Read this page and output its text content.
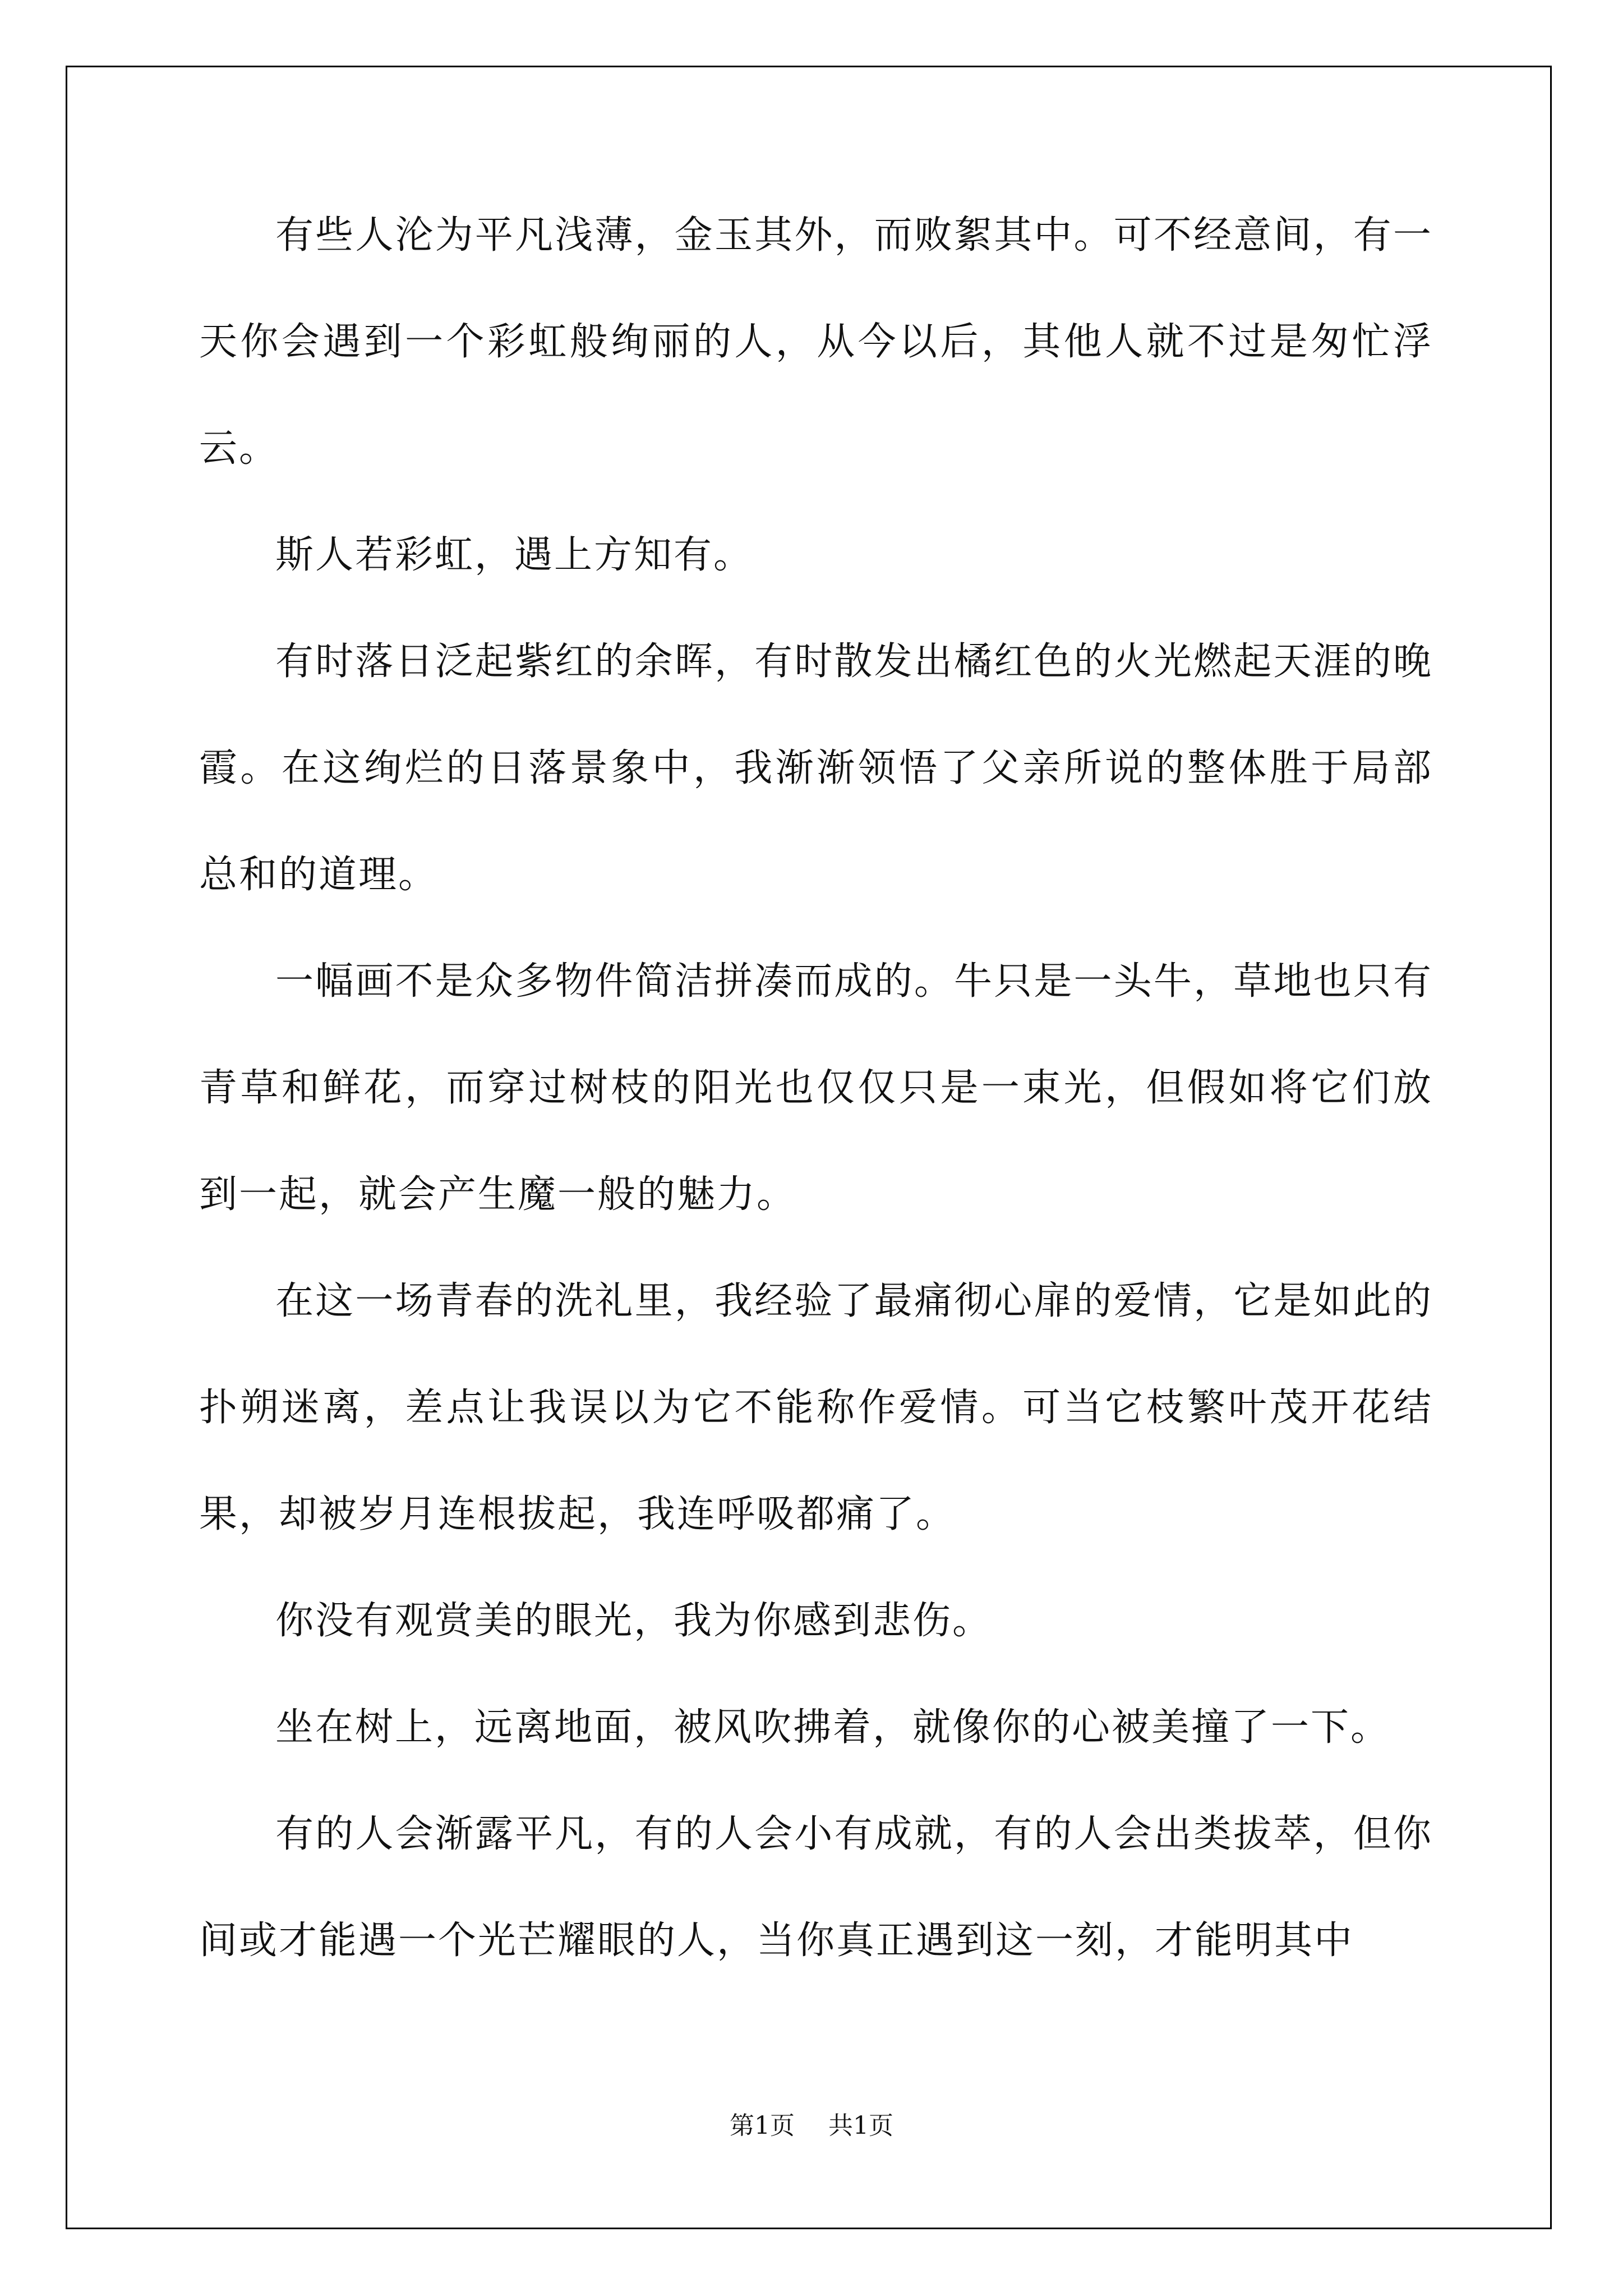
有些人沦为平凡浅薄，金玉其外，而败絮其中。可不经意间，有一天你会遇到一个彩虹般绚丽的人，从今以后，其他人就不过是匆忙浮云。

斯人若彩虹，遇上方知有。

有时落日泛起紫红的余晖，有时散发出橘红色的火光燃起天涯的晚霞。在这绚烂的日落景象中，我渐渐领悟了父亲所说的整体胜于局部总和的道理。

一幅画不是众多物件简洁拼凑而成的。牛只是一头牛，草地也只有青草和鲜花，而穿过树枝的阳光也仅仅只是一束光，但假如将它们放到一起，就会产生魔一般的魅力。

在这一场青春的洗礼里，我经验了最痛彻心扉的爱情，它是如此的扑朔迷离，差点让我误以为它不能称作爱情。可当它枝繁叶茂开花结果，却被岁月连根拔起，我连呼吸都痛了。

你没有观赏美的眼光，我为你感到悲伤。

坐在树上，远离地面，被风吹拂着，就像你的心被美撞了一下。

有的人会渐露平凡，有的人会小有成就，有的人会出类拔萃，但你间或才能遇一个光芒耀眼的人，当你真正遇到这一刻，才能明其中

第1页 共1页
